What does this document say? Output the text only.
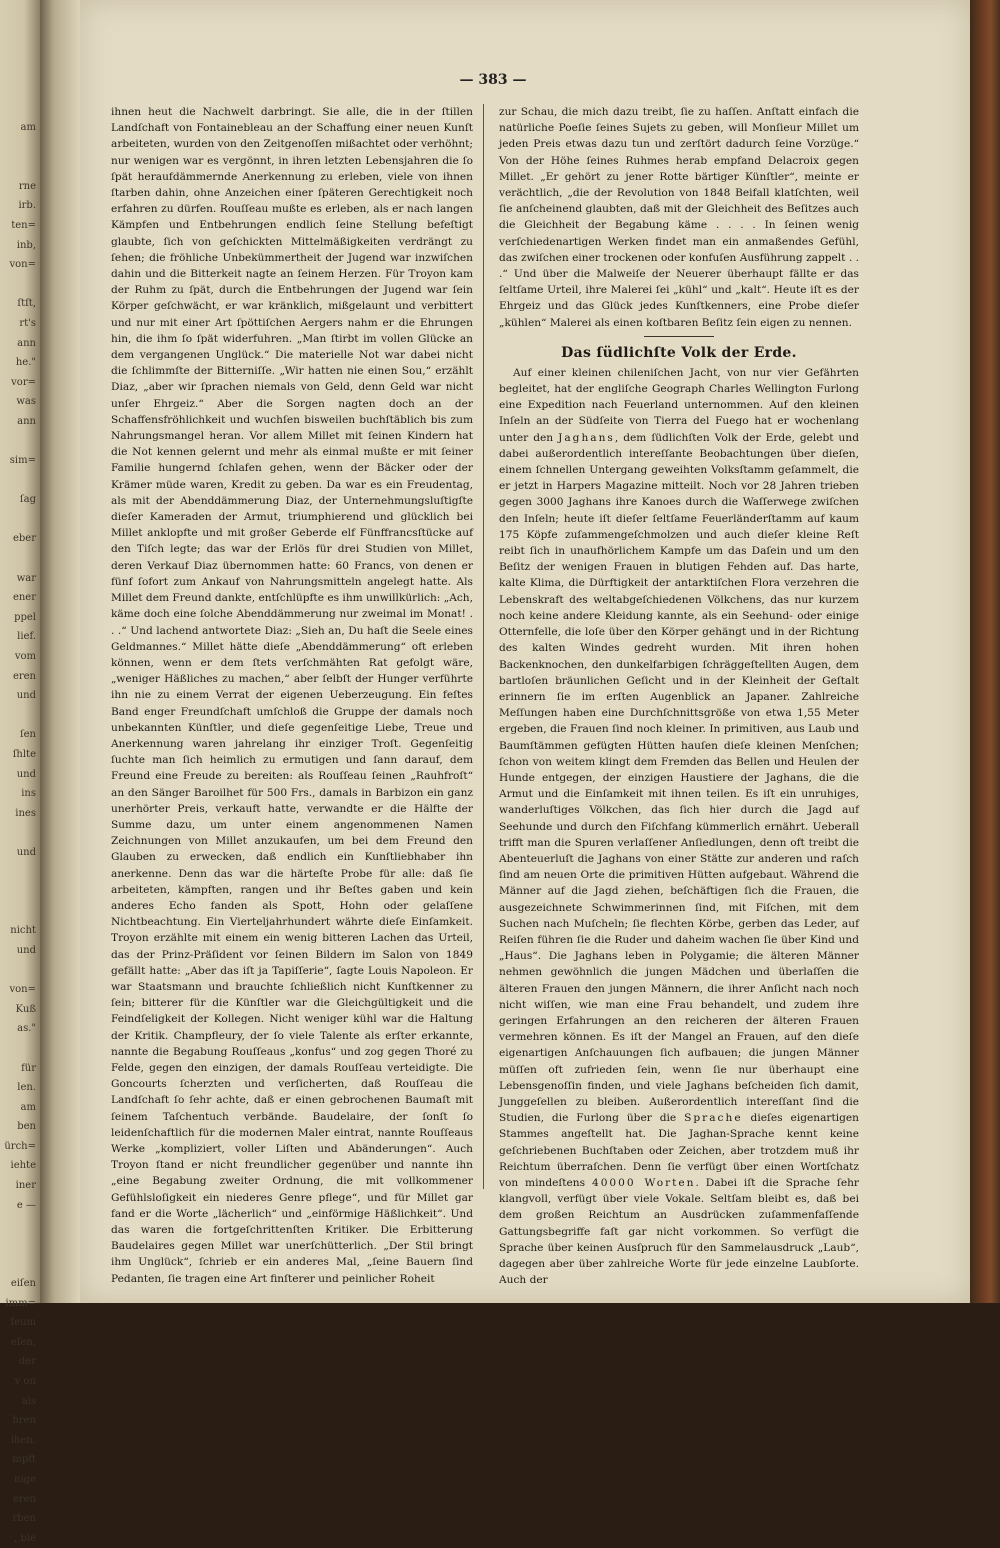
am

rne
irb.
ten=
inb,
von=

ſtſt,
rt's
ann
he."
vor=
was
ann

sim=

ſag

eber

war
ener
ppel
lief.
vom
eren
und

ſen
ſhlte
und
ins
ines

und

nicht
und

von=
Kuß
as."

für
len.
am
ben
ürch=
iehte
iner
e —

eiſen
imm=
ſeum
eſen,
der
v on
als
hren
ihen.
mpft
nige
eren
rben
, bie
— 383 —

ihnen heut die Nachwelt darbringt. Sie alle, die in der ſtillen Landſchaft von Fontainebleau an der Schaffung einer neuen Kunſt arbeiteten, wurden von den Zeitgenoſſen mißachtet oder verhöhnt; nur wenigen war es vergönnt, in ihren letzten Lebensjahren die ſo ſpät heraufdämmernde Anerkennung zu erleben, viele von ihnen ſtarben dahin, ohne Anzeichen einer ſpäteren Gerechtigkeit noch erfahren zu dürfen. Rouſſeau mußte es erleben, als er nach langen Kämpfen und Entbehrungen endlich ſeine Stellung befeſtigt glaubte, ſich von geſchickten Mittelmäßigkeiten verdrängt zu ſehen; die fröhliche Unbekümmertheit der Jugend war inzwiſchen dahin und die Bitterkeit nagte an ſeinem Herzen. Für Troyon kam der Ruhm zu ſpät, durch die Entbehrungen der Jugend war ſein Körper geſchwächt, er war kränklich, mißgelaunt und verbittert und nur mit einer Art ſpöttiſchen Aergers nahm er die Ehrungen hin, die ihm ſo ſpät widerfuhren. „Man ſtirbt im vollen Glücke an dem vergangenen Unglück.“ Die materielle Not war dabei nicht die ſchlimmſte der Bitterniſſe. „Wir hatten nie einen Sou,“ erzählt Diaz, „aber wir ſprachen niemals von Geld, denn Geld war nicht unſer Ehrgeiz.“ Aber die Sorgen nagten doch an der Schaffensfröhlichkeit und wuchſen bisweilen buchſtäblich bis zum Nahrungsmangel heran. Vor allem Millet mit ſeinen Kindern hat die Not kennen gelernt und mehr als einmal mußte er mit ſeiner Familie hungernd ſchlafen gehen, wenn der Bäcker oder der Krämer müde waren, Kredit zu geben. Da war es ein Freudentag, als mit der Abenddämmerung Diaz, der Unternehmungsluſtigſte dieſer Kameraden der Armut, triumphierend und glücklich bei Millet anklopfte und mit großer Geberde elf Fünffrancsſtücke auf den Tiſch legte; das war der Erlös für drei Studien von Millet, deren Verkauf Diaz übernommen hatte: 60 Francs, von denen er fünf ſofort zum Ankauf von Nahrungsmitteln angelegt hatte. Als Millet dem Freund dankte, entſchlüpfte es ihm unwillkürlich: „Ach, käme doch eine ſolche Abenddämmerung nur zweimal im Monat! . . .“ Und lachend antwortete Diaz: „Sieh an, Du haſt die Seele eines Geldmannes.“ Millet hätte dieſe „Abenddämmerung“ oft erleben können, wenn er dem ſtets verſchmähten Rat gefolgt wäre, „weniger Häßliches zu machen,“ aber ſelbſt der Hunger verführte ihn nie zu einem Verrat der eigenen Ueberzeugung. Ein feſtes Band enger Freundſchaft umſchloß die Gruppe der damals noch unbekannten Künſtler, und dieſe gegenſeitige Liebe, Treue und Anerkennung waren jahrelang ihr einziger Troſt. Gegenſeitig ſuchte man ſich heimlich zu ermutigen und ſann darauf, dem Freund eine Freude zu bereiten: als Rouſſeau ſeinen „Rauhfroſt“ an den Sänger Baroilhet für 500 Frs., damals in Barbizon ein ganz unerhörter Preis, verkauft hatte, verwandte er die Hälfte der Summe dazu, um unter einem angenommenen Namen Zeichnungen von Millet anzukaufen, um bei dem Freund den Glauben zu erwecken, daß endlich ein Kunſtliebhaber ihn anerkenne. Denn das war die härteſte Probe für alle: daß ſie arbeiteten, kämpften, rangen und ihr Beſtes gaben und kein anderes Echo fanden als Spott, Hohn oder gelaſſene Nichtbeachtung. Ein Vierteljahrhundert währte dieſe Einſamkeit. Troyon erzählte mit einem ein wenig bitteren Lachen das Urteil, das der Prinz-Präſident vor ſeinen Bildern im Salon von 1849 gefällt hatte: „Aber das iſt ja Tapiſſerie“, ſagte Louis Napoleon. Er war Staatsmann und brauchte ſchließlich nicht Kunſtkenner zu ſein; bitterer für die Künſtler war die Gleichgültigkeit und die Feindſeligkeit der Kollegen. Nicht weniger kühl war die Haltung der Kritik. Champfleury, der ſo viele Talente als erſter erkannte, nannte die Begabung Rouſſeaus „konfus“ und zog gegen Thoré zu Felde, gegen den einzigen, der damals Rouſſeau verteidigte. Die Goncourts ſcherzten und verſicherten, daß Rouſſeau die Landſchaft ſo ſehr achte, daß er einen gebrochenen Baumaſt mit ſeinem Taſchentuch verbände. Baudelaire, der ſonſt ſo leidenſchaftlich für die modernen Maler eintrat, nannte Rouſſeaus Werke „kompliziert, voller Liſten und Abänderungen“. Auch Troyon ſtand er nicht freundlicher gegenüber und nannte ihn „eine Begabung zweiter Ordnung, die mit vollkommener Gefühlsloſigkeit ein niederes Genre pflege“, und für Millet gar fand er die Worte „lächerlich“ und „einförmige Häßlichkeit“. Und das waren die fortgeſchrittenſten Kritiker. Die Erbitterung Baudelaires gegen Millet war unerſchütterlich. „Der Stil bringt ihm Unglück“, ſchrieb er ein anderes Mal, „ſeine Bauern ſind Pedanten, ſie tragen eine Art finſterer und peinlicher Roheit

zur Schau, die mich dazu treibt, ſie zu haſſen. Anſtatt einfach die natürliche Poeſie ſeines Sujets zu geben, will Monſieur Millet um jeden Preis etwas dazu tun und zerſtört dadurch ſeine Vorzüge.“ Von der Höhe ſeines Ruhmes herab empfand Delacroix gegen Millet. „Er gehört zu jener Rotte bärtiger Künſtler“, meinte er verächtlich, „die der Revolution von 1848 Beifall klatſchten, weil ſie anſcheinend glaubten, daß mit der Gleichheit des Beſitzes auch die Gleichheit der Begabung käme . . . . In ſeinen wenig verſchiedenartigen Werken findet man ein anmaßendes Gefühl, das zwiſchen einer trockenen oder konfuſen Ausführung zappelt . . .“ Und über die Malweiſe der Neuerer überhaupt fällte er das ſeltſame Urteil, ihre Malerei ſei „kühl“ und „kalt“. Heute iſt es der Ehrgeiz und das Glück jedes Kunſtkenners, eine Probe dieſer „kühlen“ Malerei als einen koſtbaren Beſitz ſein eigen zu nennen.

Das ſüdlichſte Volk der Erde.

Auf einer kleinen chileniſchen Jacht, von nur vier Gefährten begleitet, hat der engliſche Geograph Charles Wellington Furlong eine Expedition nach Feuerland unternommen. Auf den kleinen Inſeln an der Südſeite von Tierra del Fuego hat er wochenlang unter den Jaghans, dem ſüdlichſten Volk der Erde, gelebt und dabei außerordentlich intereſſante Beobachtungen über dieſen, einem ſchnellen Untergang geweihten Volksſtamm geſammelt, die er jetzt in Harpers Magazine mitteilt. Noch vor 28 Jahren trieben gegen 3000 Jaghans ihre Kanoes durch die Waſſerwege zwiſchen den Inſeln; heute iſt dieſer ſeltſame Feuerländerſtamm auf kaum 175 Köpfe zuſammengeſchmolzen und auch dieſer kleine Reſt reibt ſich in unaufhörlichem Kampfe um das Daſein und um den Beſitz der wenigen Frauen in blutigen Fehden auf. Das harte, kalte Klima, die Dürftigkeit der antarktiſchen Flora verzehren die Lebenskraft des weltabgeſchiedenen Völkchens, das nur kurzem noch keine andere Kleidung kannte, als ein Seehund- oder einige Otternfelle, die loſe über den Körper gehängt und in der Richtung des kalten Windes gedreht wurden. Mit ihren hohen Backenknochen, den dunkelfarbigen ſchräggeſtellten Augen, dem bartloſen bräunlichen Geſicht und in der Kleinheit der Geſtalt erinnern ſie im erſten Augenblick an Japaner. Zahlreiche Meſſungen haben eine Durchſchnittsgröße von etwa 1,55 Meter ergeben, die Frauen ſind noch kleiner. In primitiven, aus Laub und Baumſtämmen gefügten Hütten hauſen dieſe kleinen Menſchen; ſchon von weitem klingt dem Fremden das Bellen und Heulen der Hunde entgegen, der einzigen Haustiere der Jaghans, die die Armut und die Einſamkeit mit ihnen teilen. Es iſt ein unruhiges, wanderluſtiges Völkchen, das ſich hier durch die Jagd auf Seehunde und durch den Fiſchfang kümmerlich ernährt. Ueberall trifft man die Spuren verlaſſener Anſiedlungen, denn oft treibt die Abenteuerluſt die Jaghans von einer Stätte zur anderen und raſch ſind am neuen Orte die primitiven Hütten aufgebaut. Während die Männer auf die Jagd ziehen, beſchäftigen ſich die Frauen, die ausgezeichnete Schwimmerinnen ſind, mit Fiſchen, mit dem Suchen nach Muſcheln; ſie flechten Körbe, gerben das Leder, auf Reiſen führen ſie die Ruder und daheim wachen ſie über Kind und „Haus“. Die Jaghans leben in Polygamie; die älteren Männer nehmen gewöhnlich die jungen Mädchen und überlaſſen die älteren Frauen den jungen Männern, die ihrer Anſicht nach noch nicht wiſſen, wie man eine Frau behandelt, und zudem ihre geringen Erfahrungen an den reicheren der älteren Frauen vermehren können. Es iſt der Mangel an Frauen, auf den dieſe eigenartigen Anſchauungen ſich aufbauen; die jungen Männer müſſen oft zufrieden ſein, wenn ſie nur überhaupt eine Lebensgenoſſin finden, und viele Jaghans beſcheiden ſich damit, Junggeſellen zu bleiben. Außerordentlich intereſſant ſind die Studien, die Furlong über die Sprache dieſes eigenartigen Stammes angeſtellt hat. Die Jaghan-Sprache kennt keine geſchriebenen Buchſtaben oder Zeichen, aber trotzdem muß ihr Reichtum überraſchen. Denn ſie verfügt über einen Wortſchatz von mindeſtens 40000 Worten. Dabei iſt die Sprache ſehr klangvoll, verfügt über viele Vokale. Seltſam bleibt es, daß bei dem großen Reichtum an Ausdrücken zuſammenfaſſende Gattungsbegriffe faſt gar nicht vorkommen. So verfügt die Sprache über keinen Ausſpruch für den Sammelausdruck „Laub“, dagegen aber über zahlreiche Worte für jede einzelne Laubſorte. Auch der
